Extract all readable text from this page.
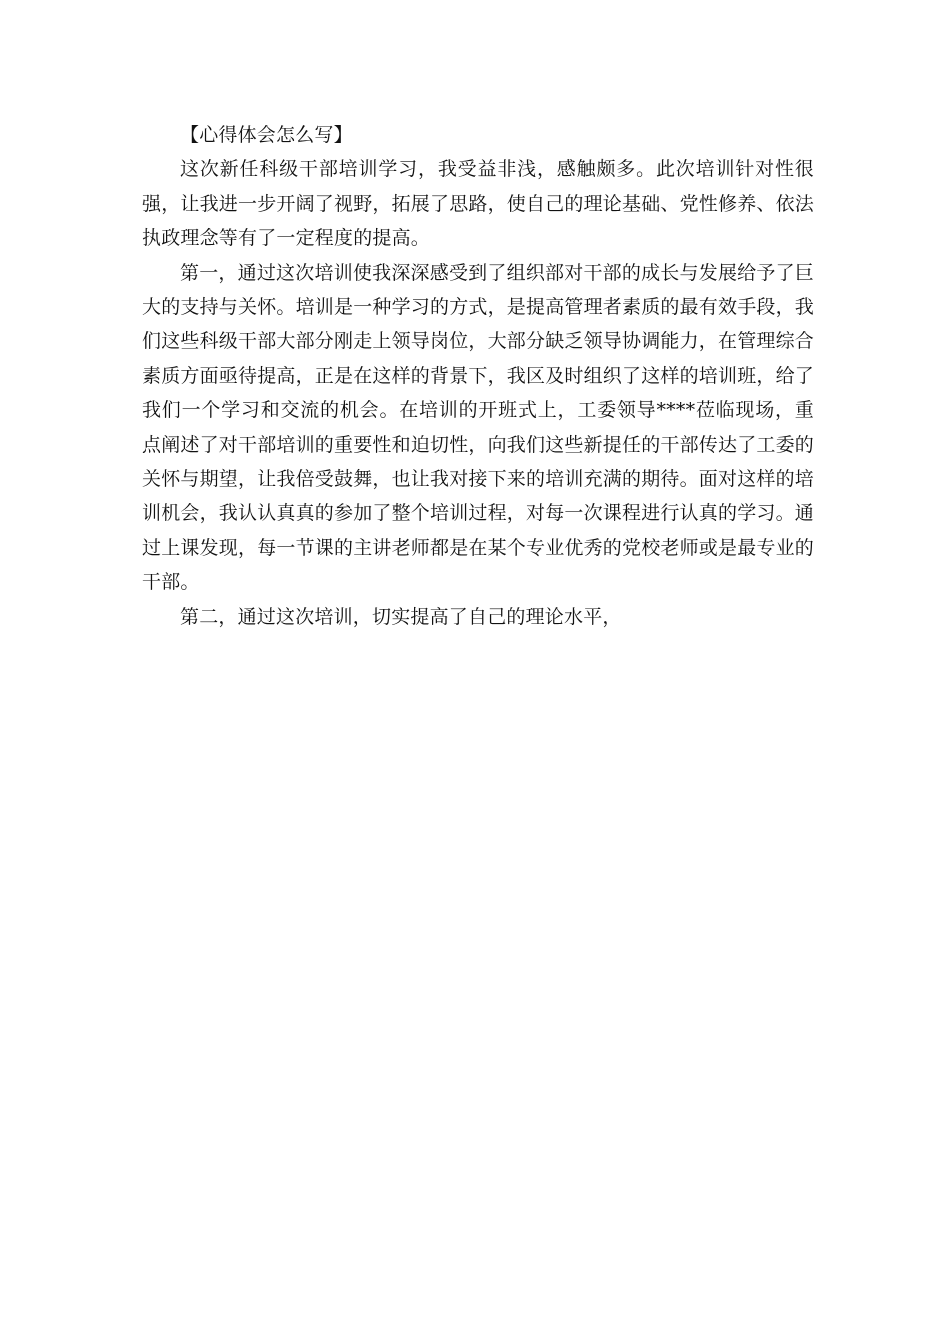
【心得体会怎么写】

这次新任科级干部培训学习，我受益非浅，感触颇多。此次培训针对性很强，让我进一步开阔了视野，拓展了思路，使自己的理论基础、党性修养、依法执政理念等有了一定程度的提高。

第一，通过这次培训使我深深感受到了组织部对干部的成长与发展给予了巨大的支持与关怀。培训是一种学习的方式，是提高管理者素质的最有效手段，我们这些科级干部大部分刚走上领导岗位，大部分缺乏领导协调能力，在管理综合素质方面亟待提高，正是在这样的背景下，我区及时组织了这样的培训班，给了我们一个学习和交流的机会。在培训的开班式上，工委领导****莅临现场，重点阐述了对干部培训的重要性和迫切性，向我们这些新提任的干部传达了工委的关怀与期望，让我倍受鼓舞，也让我对接下来的培训充满的期待。面对这样的培训机会，我认认真真的参加了整个培训过程，对每一次课程进行认真的学习。通过上课发现，每一节课的主讲老师都是在某个专业优秀的党校老师或是最专业的干部。

第二，通过这次培训，切实提高了自己的理论水平，
